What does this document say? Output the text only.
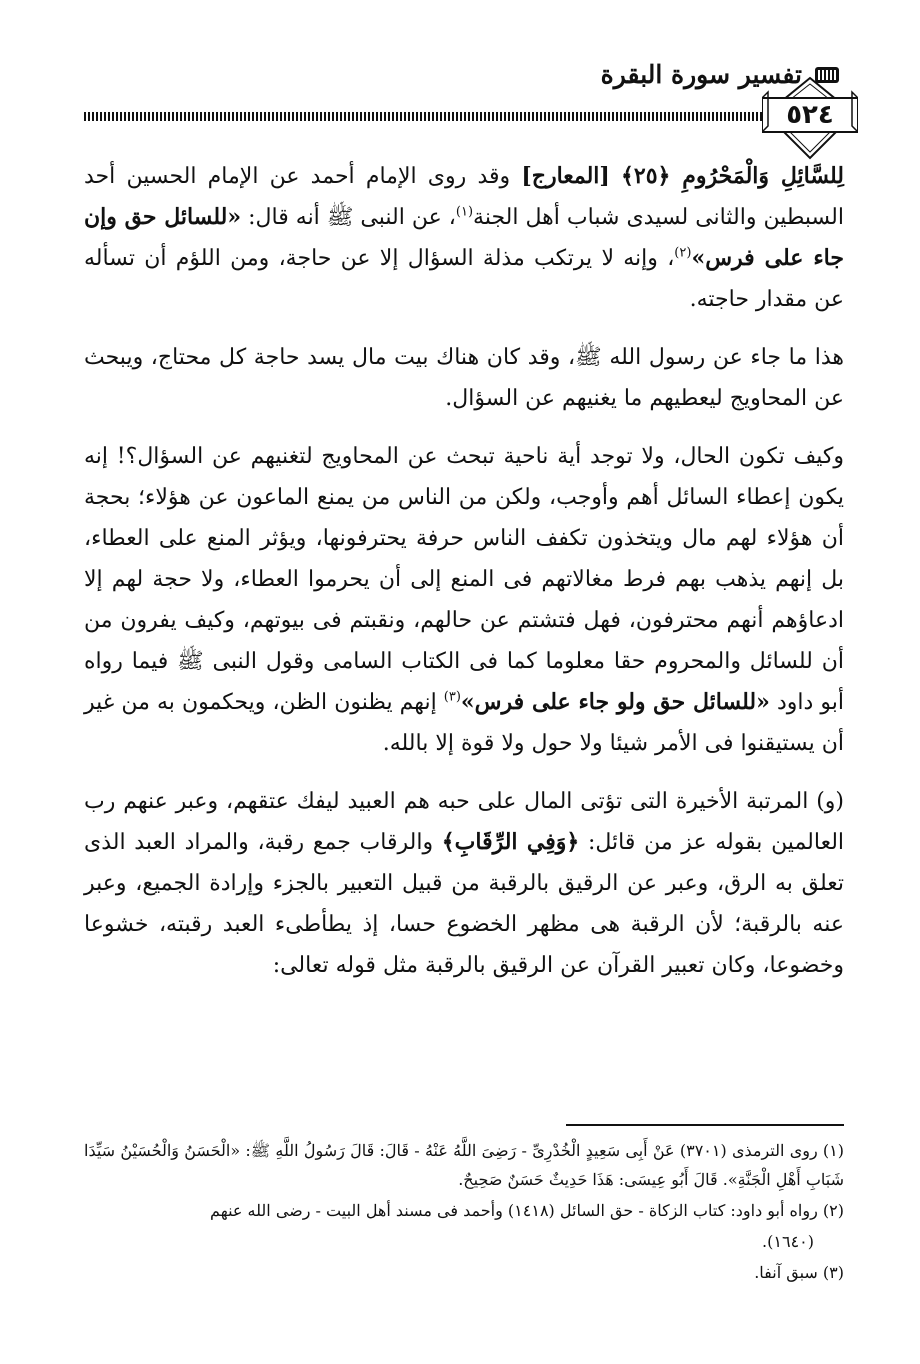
تفسير سورة البقرة
٥٢٤

لِلسَّائِلِ وَالْمَحْرُومِ ﴿٢٥﴾ [المعارج] وقد روى الإمام أحمد عن الإمام الحسين أحد السبطين والثانى لسيدى شباب أهل الجنة$^{(١)}$، عن النبى ﷺ أنه قال: «للسائل حق وإن جاء على فرس»$^{(٢)}$، وإنه لا يرتكب مذلة السؤال إلا عن حاجة، ومن اللؤم أن تسأله عن مقدار حاجته.

هذا ما جاء عن رسول الله ﷺ، وقد كان هناك بيت مال يسد حاجة كل محتاج، ويبحث عن المحاويج ليعطيهم ما يغنيهم عن السؤال.

وكيف تكون الحال، ولا توجد أية ناحية تبحث عن المحاويج لتغنيهم عن السؤال؟! إنه يكون إعطاء السائل أهم وأوجب، ولكن من الناس من يمنع الماعون عن هؤلاء؛ بحجة أن هؤلاء لهم مال ويتخذون تكفف الناس حرفة يحترفونها، ويؤثر المنع على العطاء، بل إنهم يذهب بهم فرط مغالاتهم فى المنع إلى أن يحرموا العطاء، ولا حجة لهم إلا ادعاؤهم أنهم محترفون، فهل فتشتم عن حالهم، ونقبتم فى بيوتهم، وكيف يفرون من أن للسائل والمحروم حقا معلوما كما فى الكتاب السامى وقول النبى ﷺ فيما رواه أبو داود «للسائل حق ولو جاء على فرس»$^{(٣)}$ إنهم يظنون الظن، ويحكمون به من غير أن يستيقنوا فى الأمر شيئا ولا حول ولا قوة إلا بالله.

(و) المرتبة الأخيرة التى تؤتى المال على حبه هم العبيد ليفك عتقهم، وعبر عنهم رب العالمين بقوله عز من قائل: ﴿وَفِي الرِّقَابِ﴾ والرقاب جمع رقبة، والمراد العبد الذى تعلق به الرق، وعبر عن الرقيق بالرقبة من قبيل التعبير بالجزء وإرادة الجميع، وعبر عنه بالرقبة؛ لأن الرقبة هى مظهر الخضوع حسا، إذ يطأطىء العبد رقبته، خشوعا وخضوعا، وكان تعبير القرآن عن الرقيق بالرقبة مثل قوله تعالى:

(١) روى الترمذى (٣٧٠١) عَنْ أَبِى سَعِيدٍ الْخُدْرِىِّ - رَضِىَ اللَّهُ عَنْهُ - قَالَ: قَالَ رَسُولُ اللَّهِ ﷺ: «الْحَسَنُ وَالْحُسَيْنُ سَيِّدَا شَبَابِ أَهْلِ الْجَنَّةِ». قَالَ أَبُو عِيسَى: هَذَا حَدِيثٌ حَسَنٌ صَحِيحٌ.

(٢) رواه أبو داود: كتاب الزكاة - حق السائل (١٤١٨) وأحمد فى مسند أهل البيت - رضى الله عنهم

(١٦٤٠).

(٣) سبق آنفا.
